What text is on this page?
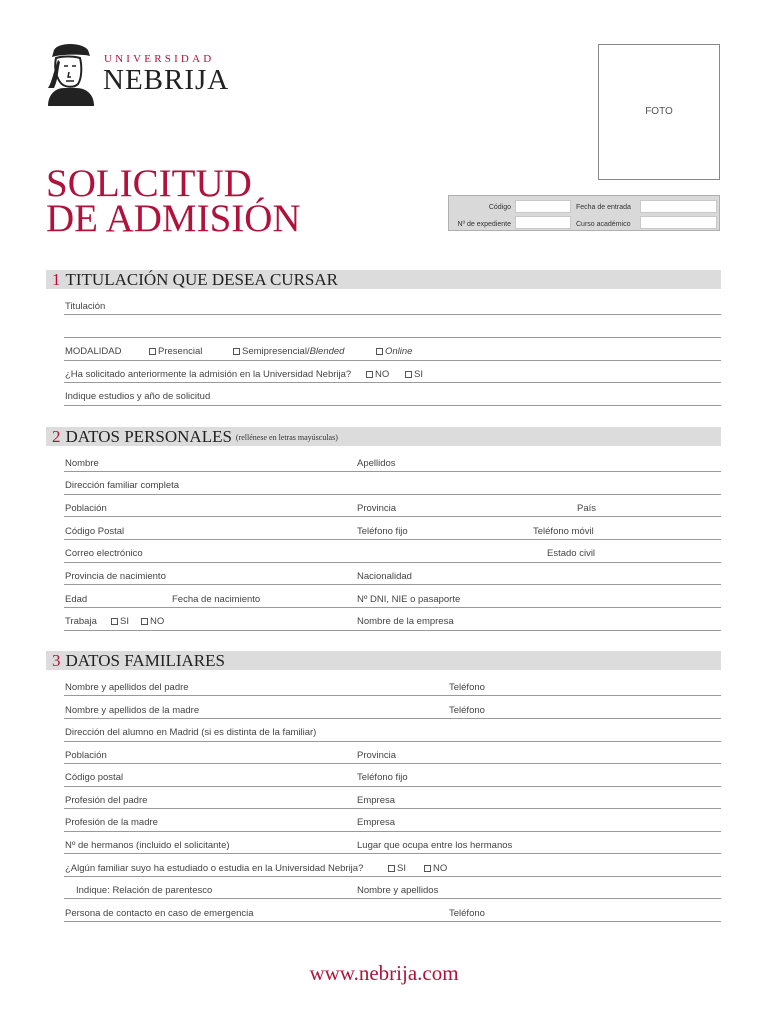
UNIVERSIDAD
NEBRIJA
SOLICITUD
DE ADMISIÓN
FOTO
Código	Fecha de entrada
Nº de expediente	Curso académico
1 TITULACIÓN QUE DESEA CURSAR
Titulación
MODALIDAD	Presencial	Semipresencial/Blended	Online
¿Ha solicitado anteriormente la admisión en la Universidad Nebrija?	NO	SI
Indique estudios y año de solicitud
2 DATOS PERSONALES (rellénese en letras mayúsculas)
Nombre	Apellidos
Dirección familiar completa
Población	Provincia	País
Código Postal	Teléfono fijo	Teléfono móvil
Correo electrónico	Estado civil
Provincia de nacimiento	Nacionalidad
Edad	Fecha de nacimiento	Nº DNI, NIE o pasaporte
Trabaja	SI	NO	Nombre de la empresa
3 DATOS FAMILIARES
Nombre y apellidos del padre	Teléfono
Nombre y apellidos de la madre	Teléfono
Dirección del alumno en Madrid (si es distinta de la familiar)
Población	Provincia
Código postal	Teléfono fijo
Profesión del padre	Empresa
Profesión de la madre	Empresa
Nº de hermanos (incluido el solicitante)	Lugar que ocupa entre los hermanos
¿Algún familiar suyo ha estudiado o estudia en la Universidad Nebrija?	SI	NO
Indique: Relación de parentesco	Nombre y apellidos
Persona de contacto en caso de emergencia	Teléfono
www.nebrija.com
